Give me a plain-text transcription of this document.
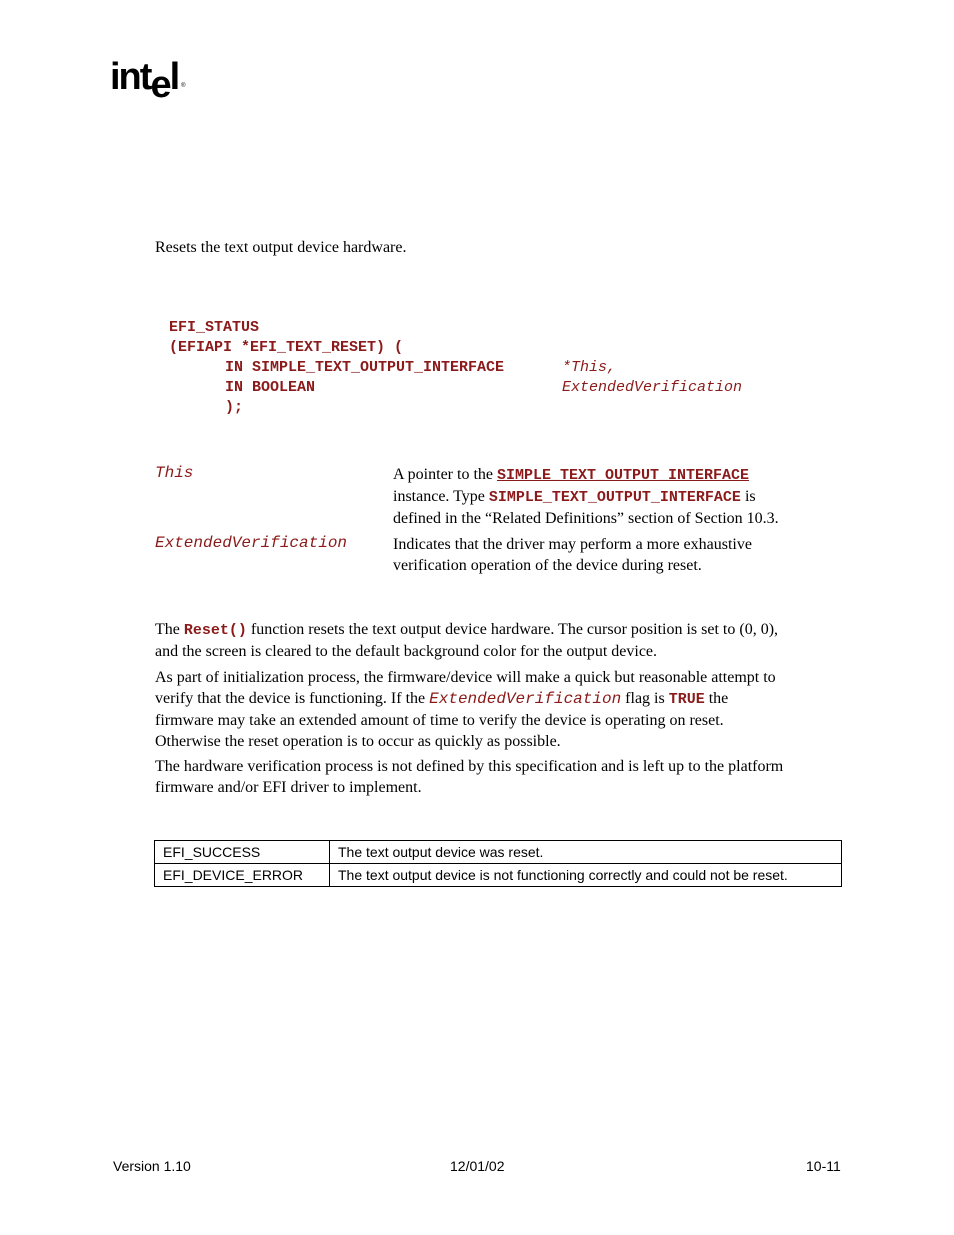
intel ®

Resets the text output device hardware.

EFI_STATUS
(EFIAPI *EFI_TEXT_RESET) (
IN SIMPLE_TEXT_OUTPUT_INTERFACE	*This,
IN BOOLEAN	ExtendedVerification
);
This	A pointer to the SIMPLE_TEXT_OUTPUT_INTERFACE
instance. Type SIMPLE_TEXT_OUTPUT_INTERFACE is
defined in the “Related Definitions” section of Section 10.3.
ExtendedVerification	Indicates that the driver may perform a more exhaustive
verification operation of the device during reset.
The Reset() function resets the text output device hardware. The cursor position is set to (0, 0),
and the screen is cleared to the default background color for the output device.
As part of initialization process, the firmware/device will make a quick but reasonable attempt to
verify that the device is functioning. If the ExtendedVerification flag is TRUE the
firmware may take an extended amount of time to verify the device is operating on reset.
Otherwise the reset operation is to occur as quickly as possible.
The hardware verification process is not defined by this specification and is left up to the platform
firmware and/or EFI driver to implement.
EFI_SUCCESS	The text output device was reset.
EFI_DEVICE_ERROR	The text output device is not functioning correctly and could not be reset.
Version 1.10	12/01/02	10-11
